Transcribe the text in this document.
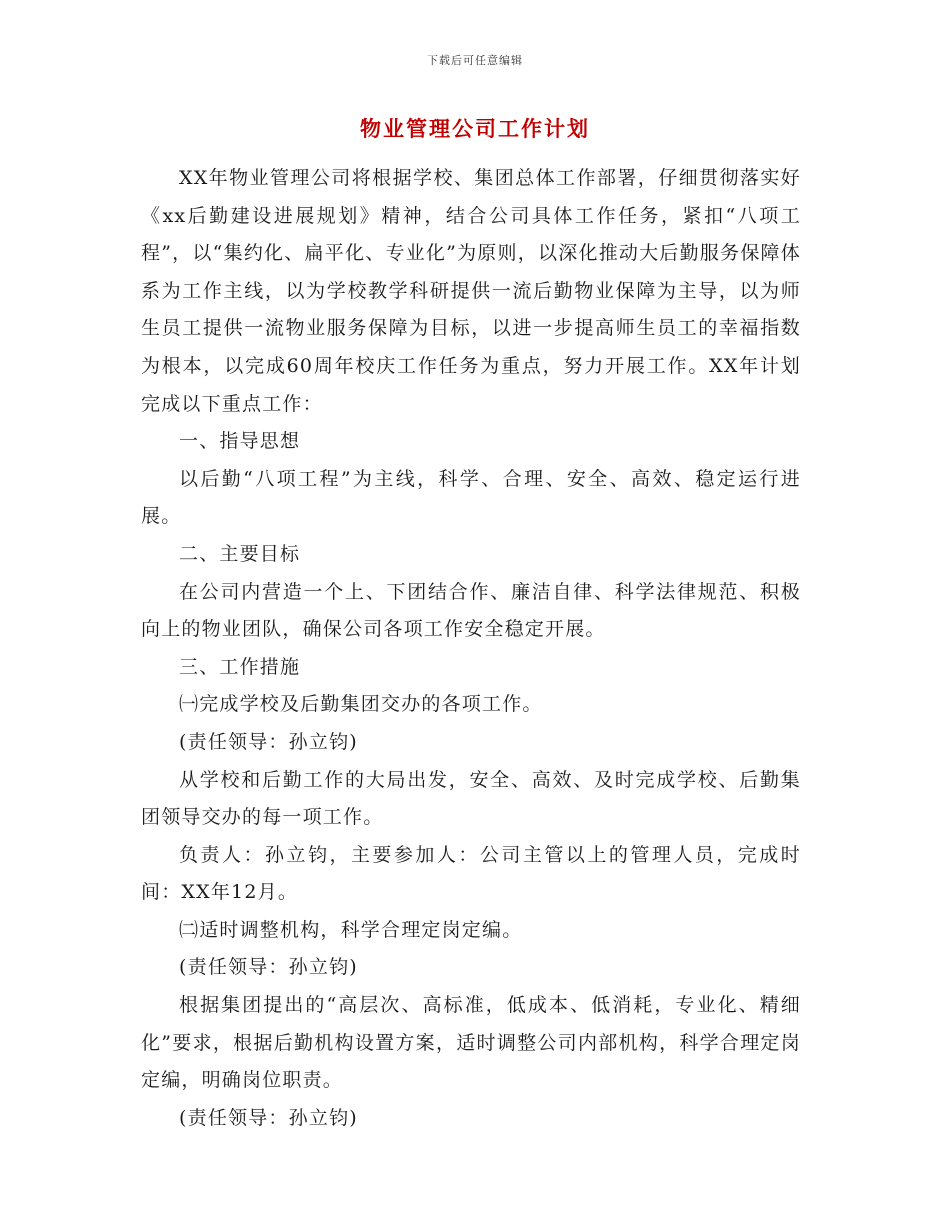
下载后可任意编辑
物业管理公司工作计划

XX年物业管理公司将根据学校、集团总体工作部署，仔细贯彻落实好《xx后勤建设进展规划》精神，结合公司具体工作任务，紧扣“八项工程”，以“集约化、扁平化、专业化”为原则，以深化推动大后勤服务保障体系为工作主线，以为学校教学科研提供一流后勤物业保障为主导，以为师生员工提供一流物业服务保障为目标，以进一步提高师生员工的幸福指数为根本，以完成60周年校庆工作任务为重点，努力开展工作。XX年计划完成以下重点工作：

一、指导思想

以后勤“八项工程”为主线，科学、合理、安全、高效、稳定运行进展。

二、主要目标

在公司内营造一个上、下团结合作、廉洁自律、科学法律规范、积极向上的物业团队，确保公司各项工作安全稳定开展。

三、工作措施

㈠完成学校及后勤集团交办的各项工作。

(责任领导：孙立钧)

从学校和后勤工作的大局出发，安全、高效、及时完成学校、后勤集团领导交办的每一项工作。

负责人：孙立钧，主要参加人：公司主管以上的管理人员，完成时间：XX年12月。

㈡适时调整机构，科学合理定岗定编。

(责任领导：孙立钧)

根据集团提出的“高层次、高标准，低成本、低消耗，专业化、精细化”要求，根据后勤机构设置方案，适时调整公司内部机构，科学合理定岗定编，明确岗位职责。

(责任领导：孙立钧)
